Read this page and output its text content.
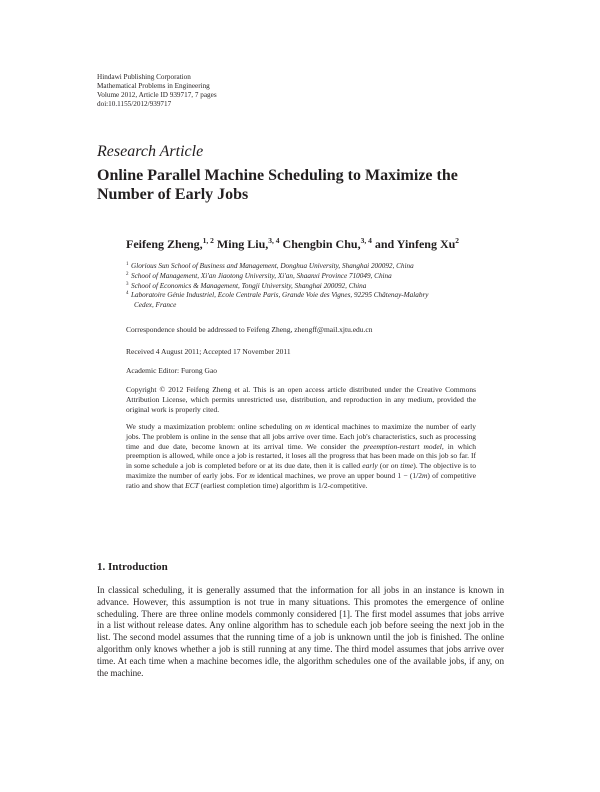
Hindawi Publishing Corporation
Mathematical Problems in Engineering
Volume 2012, Article ID 939717, 7 pages
doi:10.1155/2012/939717
Research Article
Online Parallel Machine Scheduling to Maximize the Number of Early Jobs
Feifeng Zheng,$^{1, 2}$ Ming Liu,$^{3, 4}$ Chengbin Chu,$^{3, 4}$ and Yinfeng Xu$^2$
1 Glorious Sun School of Business and Management, Donghua University, Shanghai 200092, China
2 School of Management, Xi'an Jiaotong University, Xi'an, Shaanxi Province 710049, China
3 School of Economics & Management, Tongji University, Shanghai 200092, China
4 Laboratoire Génie Industriel, Ecole Centrale Paris, Grande Voie des Vignes, 92295 Châtenay-Malabry
Cedex, France
Correspondence should be addressed to Feifeng Zheng, zhengff@mail.xjtu.edu.cn
Received 4 August 2011; Accepted 17 November 2011
Academic Editor: Furong Gao
Copyright © 2012 Feifeng Zheng et al. This is an open access article distributed under the Creative Commons Attribution License, which permits unrestricted use, distribution, and reproduction in any medium, provided the original work is properly cited.
We study a maximization problem: online scheduling on m identical machines to maximize the number of early jobs. The problem is online in the sense that all jobs arrive over time. Each job's characteristics, such as processing time and due date, become known at its arrival time. We consider the preemption-restart model, in which preemption is allowed, while once a job is restarted, it loses all the progress that has been made on this job so far. If in some schedule a job is completed before or at its due date, then it is called early (or on time). The objective is to maximize the number of early jobs. For m identical machines, we prove an upper bound 1 − (1/2m) of competitive ratio and show that ECT (earliest completion time) algorithm is 1/2-competitive.
1. Introduction
In classical scheduling, it is generally assumed that the information for all jobs in an instance is known in advance. However, this assumption is not true in many situations. This promotes the emergence of online scheduling. There are three online models commonly considered [1]. The first model assumes that jobs arrive in a list without release dates. Any online algorithm has to schedule each job before seeing the next job in the list. The second model assumes that the running time of a job is unknown until the job is finished. The online algorithm only knows whether a job is still running at any time. The third model assumes that jobs arrive over time. At each time when a machine becomes idle, the algorithm schedules one of the available jobs, if any, on the machine.
